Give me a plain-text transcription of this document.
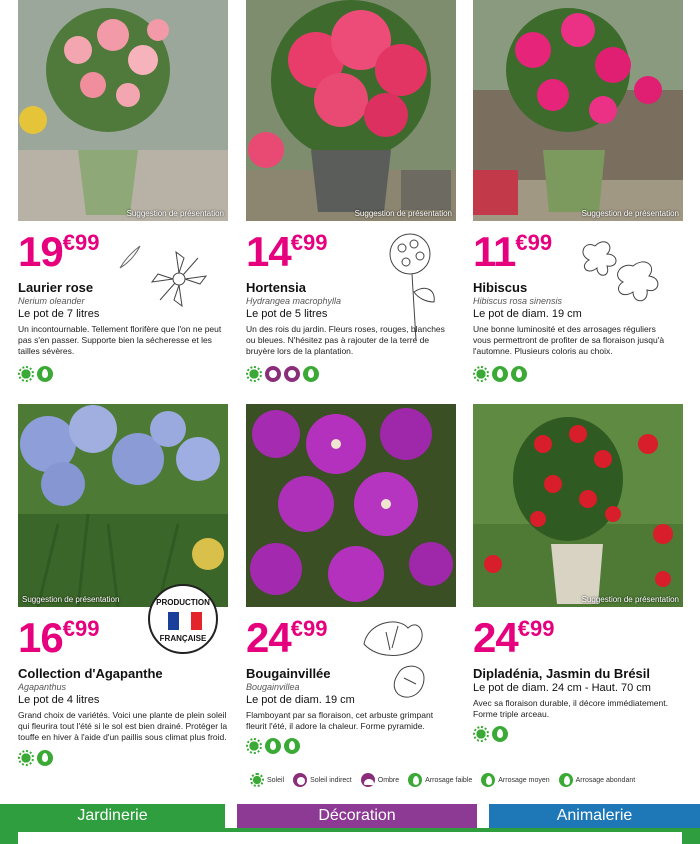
Suggestion de présentation
19€99
Laurier rose
Nerium oleander
Le pot de 7 litres
Un incontournable. Tellement florifère que l'on ne peut pas s'en passer. Supporte bien la sécheresse et les tailles sévères.
Suggestion de présentation
14€99
Hortensia
Hydrangea macrophylla
Le pot de 5 litres
Un des rois du jardin. Fleurs roses, rouges, blanches ou bleues. N'hésitez pas à rajouter de la terre de bruyère lors de la plantation.
Suggestion de présentation
11€99
Hibiscus
Hibiscus rosa sinensis
Le pot de diam. 19 cm
Une bonne luminosité et des arrosages réguliers vous permettront de profiter de sa floraison jusqu'à l'automne. Plusieurs coloris au choix.
Suggestion de présentation	PRODUCTION
FRANÇAISE
16€99
Collection d'Agapanthe
Agapanthus
Le pot de 4 litres
Grand choix de variétés. Voici une plante de plein soleil qui fleurira tout l'été si le sol est bien drainé. Protéger la touffe en hiver à l'aide d'un paillis sous climat plus froid.
24€99
Bougainvillée
Bougainvillea
Le pot de diam. 19 cm
Flamboyant par sa floraison, cet arbuste grimpant fleurit l'été, il adore la chaleur. Forme pyramide.
Suggestion de présentation
24€99
Dipladénia, Jasmin du Brésil
Le pot de diam. 24 cm - Haut. 70 cm
Avec sa floraison durable, il décore immédiatement. Forme triple arceau.
Soleil	Soleil indirect	Ombre	Arrosage faible	Arrosage moyen	Arrosage abondant
Jardinerie	Décoration	Animalerie
